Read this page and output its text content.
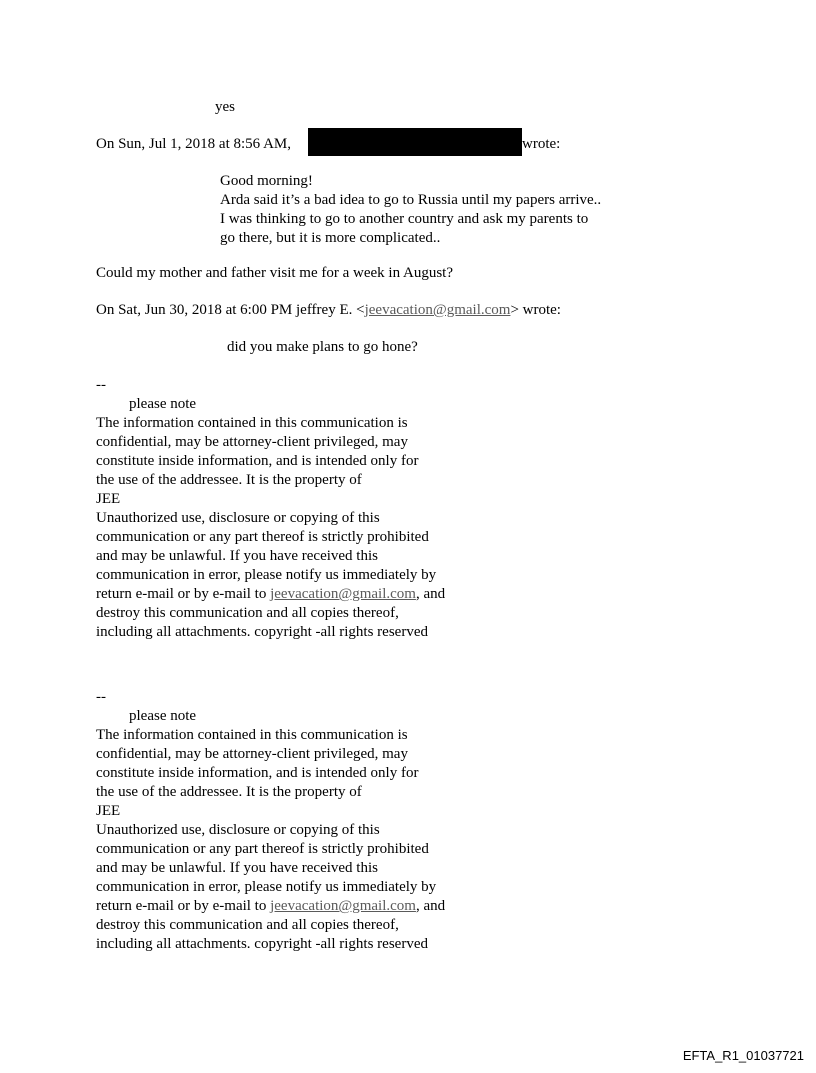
yes
On Sun, Jul 1, 2018 at 8:56 AM,	wrote:
Good morning!
Arda said it’s a bad idea to go to Russia until my papers arrive..
I was thinking to go to another country and ask my parents to
go there, but it is more complicated..
Could my mother and father visit me for a week in August?
On Sat, Jun 30, 2018 at 6:00 PM jeffrey E. <jeevacation@gmail.com> wrote:
did you make plans to go hone?
--
please note
The information contained in this communication is
confidential, may be attorney-client privileged, may
constitute inside information, and is intended only for
the use of the addressee. It is the property of
JEE
Unauthorized use, disclosure or copying of this
communication or any part thereof is strictly prohibited
and may be unlawful. If you have received this
communication in error, please notify us immediately by
return e-mail or by e-mail to jeevacation@gmail.com, and
destroy this communication and all copies thereof,
including all attachments. copyright -all rights reserved
--
please note
The information contained in this communication is
confidential, may be attorney-client privileged, may
constitute inside information, and is intended only for
the use of the addressee. It is the property of
JEE
Unauthorized use, disclosure or copying of this
communication or any part thereof is strictly prohibited
and may be unlawful. If you have received this
communication in error, please notify us immediately by
return e-mail or by e-mail to jeevacation@gmail.com, and
destroy this communication and all copies thereof,
including all attachments. copyright -all rights reserved
EFTA_R1_01037721
